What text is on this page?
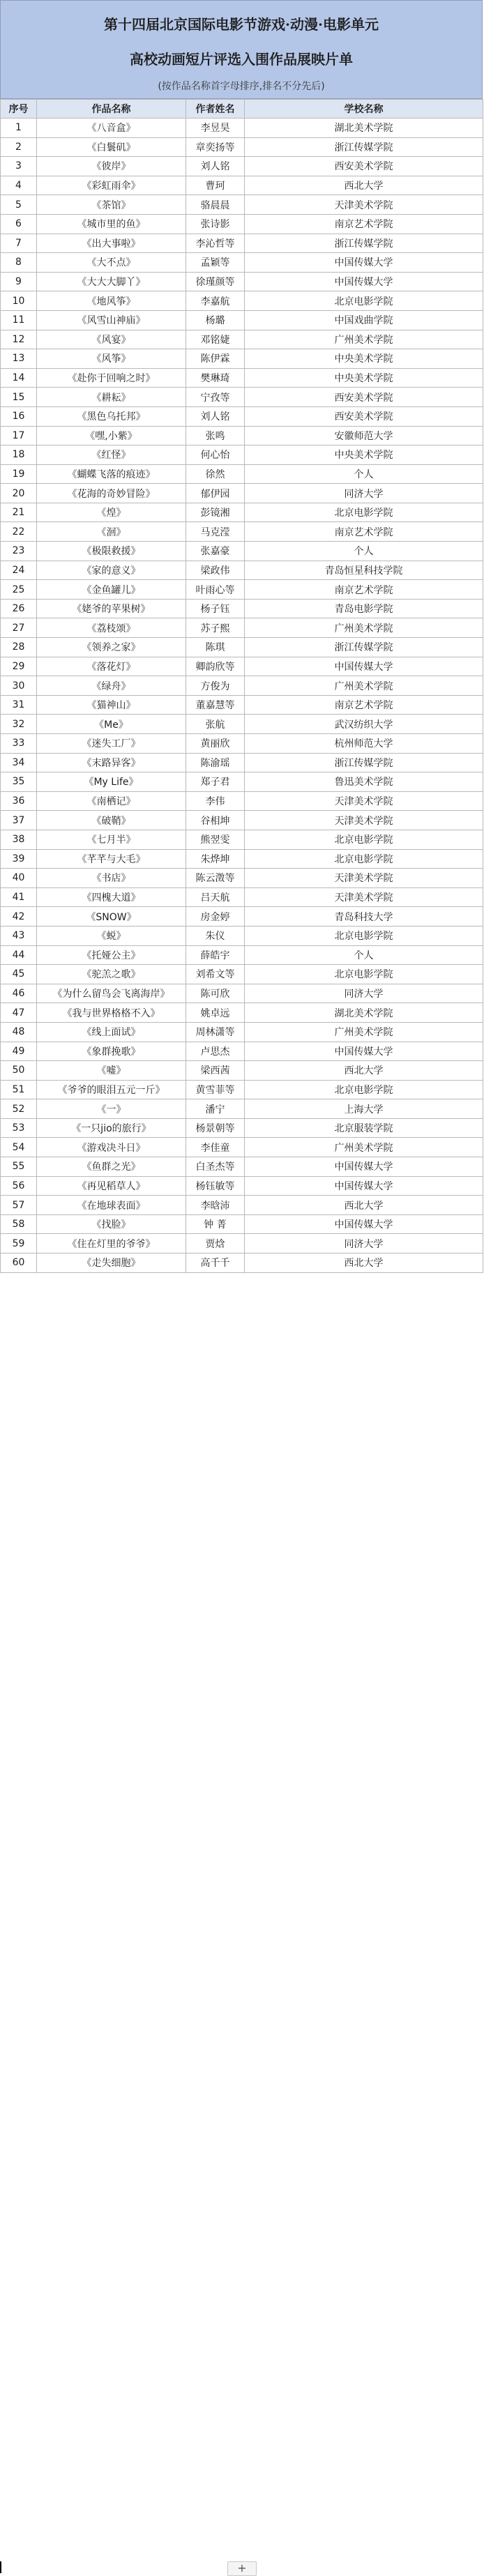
第十四届北京国际电影节游戏·动漫·电影单元
高校动画短片评选入围作品展映片单
(按作品名称首字母排序,排名不分先后)
序号	作品名称	作者姓名	学校名称
1	《八音盒》	李昱昊	湖北美术学院
2	《白鬟矶》	章奕扬等	浙江传媒学院
3	《彼岸》	刘人铭	西安美术学院
4	《彩虹雨伞》	曹珂	西北大学
5	《茶馆》	骆晨晨	天津美术学院
6	《城市里的鱼》	张诗影	南京艺术学院
7	《出大事啦》	李沁哲等	浙江传媒学院
8	《大不点》	孟颖等	中国传媒大学
9	《大大大脚丫》	徐瑾颜等	中国传媒大学
10	《地风筝》	李嘉航	北京电影学院
11	《风雪山神庙》	杨璐	中国戏曲学院
12	《风宴》	邓铭婕	广州美术学院
13	《风筝》	陈伊霖	中央美术学院
14	《赴你于回响之时》	樊琳琦	中央美术学院
15	《耕耘》	宁孜等	西安美术学院
16	《黑色乌托邦》	刘人铭	西安美术学院
17	《嘿,小紫》	张鸣	安徽师范大学
18	《红怪》	何心怡	中央美术学院
19	《蝴蝶飞落的痕迹》	徐然	个人
20	《花海的奇妙冒险》	郁伊园	同济大学
21	《煌》	彭镜湘	北京电影学院
22	《洄》	马克滢	南京艺术学院
23	《极限救援》	张嘉豪	个人
24	《家的意义》	梁政伟	青岛恒星科技学院
25	《金鱼罐儿》	叶雨心等	南京艺术学院
26	《姥爷的苹果树》	杨子钰	青岛电影学院
27	《荔枝颂》	苏子熙	广州美术学院
28	《领养之家》	陈琪	浙江传媒学院
29	《落花灯》	卿韵欣等	中国传媒大学
30	《绿舟》	方俊为	广州美术学院
31	《猫神山》	董嘉慧等	南京艺术学院
32	《Me》	张航	武汉纺织大学
33	《迷失工厂》	黄丽欣	杭州师范大学
34	《末路异客》	陈渝瑶	浙江传媒学院
35	《My Life》	郑子君	鲁迅美术学院
36	《南栖记》	李伟	天津美术学院
37	《破鞘》	谷相坤	天津美术学院
38	《七月半》	熊翌雯	北京电影学院
39	《芊芊与大毛》	朱烨坤	北京电影学院
40	《书店》	陈云澂等	天津美术学院
41	《四槐大道》	吕天航	天津美术学院
42	《SNOW》	房金婷	青岛科技大学
43	《蜕》	朱仪	北京电影学院
44	《托娅公主》	薛皓宇	个人
45	《驼羔之歌》	刘希文等	北京电影学院
46	《为什么留鸟会飞离海岸》	陈可欣	同济大学
47	《我与世界格格不入》	姚卓远	湖北美术学院
48	《线上面试》	周林潇等	广州美术学院
49	《象群挽歌》	卢思杰	中国传媒大学
50	《嘘》	梁西茜	西北大学
51	《爷爷的眼泪五元一斤》	黄雪菲等	北京电影学院
52	《一》	潘宁	上海大学
53	《一只jio的旅行》	杨景朝等	北京服装学院
54	《游戏决斗日》	李佳童	广州美术学院
55	《鱼群之光》	白圣杰等	中国传媒大学
56	《再见稻草人》	杨钰敏等	中国传媒大学
57	《在地球表面》	李晗沛	西北大学
58	《找脸》	钟 菁	中国传媒大学
59	《住在灯里的爷爷》	贾焓	同济大学
60	《走失细胞》	高千千	西北大学
+
